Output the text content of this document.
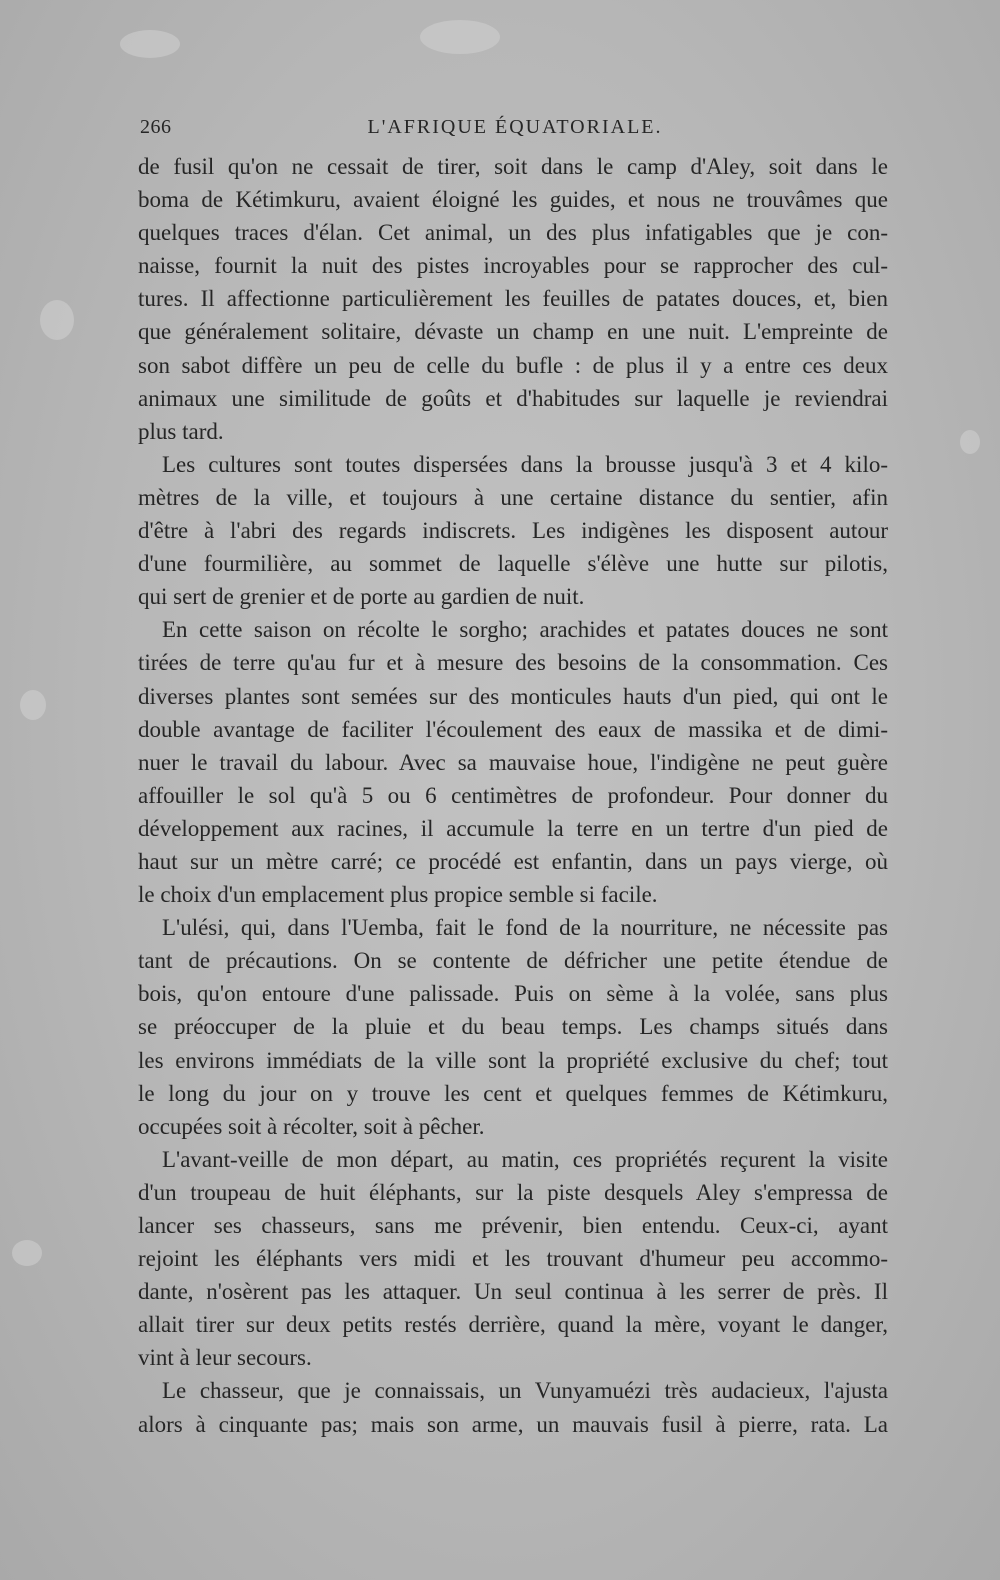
266	L'AFRIQUE ÉQUATORIALE.
de fusil qu'on ne cessait de tirer, soit dans le camp d'Aley, soit dans le
boma de Kétimkuru, avaient éloigné les guides, et nous ne trouvâmes que
quelques traces d'élan. Cet animal, un des plus infatigables que je con-
naisse, fournit la nuit des pistes incroyables pour se rapprocher des cul-
tures. Il affectionne particulièrement les feuilles de patates douces, et, bien
que généralement solitaire, dévaste un champ en une nuit. L'empreinte de
son sabot diffère un peu de celle du bufle : de plus il y a entre ces deux
animaux une similitude de goûts et d'habitudes sur laquelle je reviendrai
plus tard.
Les cultures sont toutes dispersées dans la brousse jusqu'à 3 et 4 kilo-
mètres de la ville, et toujours à une certaine distance du sentier, afin
d'être à l'abri des regards indiscrets. Les indigènes les disposent autour
d'une fourmilière, au sommet de laquelle s'élève une hutte sur pilotis,
qui sert de grenier et de porte au gardien de nuit.
En cette saison on récolte le sorgho; arachides et patates douces ne sont
tirées de terre qu'au fur et à mesure des besoins de la consommation. Ces
diverses plantes sont semées sur des monticules hauts d'un pied, qui ont le
double avantage de faciliter l'écoulement des eaux de massika et de dimi-
nuer le travail du labour. Avec sa mauvaise houe, l'indigène ne peut guère
affouiller le sol qu'à 5 ou 6 centimètres de profondeur. Pour donner du
développement aux racines, il accumule la terre en un tertre d'un pied de
haut sur un mètre carré; ce procédé est enfantin, dans un pays vierge, où
le choix d'un emplacement plus propice semble si facile.
L'ulési, qui, dans l'Uemba, fait le fond de la nourriture, ne nécessite pas
tant de précautions. On se contente de défricher une petite étendue de
bois, qu'on entoure d'une palissade. Puis on sème à la volée, sans plus
se préoccuper de la pluie et du beau temps. Les champs situés dans
les environs immédiats de la ville sont la propriété exclusive du chef; tout
le long du jour on y trouve les cent et quelques femmes de Kétimkuru,
occupées soit à récolter, soit à pêcher.
L'avant-veille de mon départ, au matin, ces propriétés reçurent la visite
d'un troupeau de huit éléphants, sur la piste desquels Aley s'empressa de
lancer ses chasseurs, sans me prévenir, bien entendu. Ceux-ci, ayant
rejoint les éléphants vers midi et les trouvant d'humeur peu accommo-
dante, n'osèrent pas les attaquer. Un seul continua à les serrer de près. Il
allait tirer sur deux petits restés derrière, quand la mère, voyant le danger,
vint à leur secours.
Le chasseur, que je connaissais, un Vunyamuézi très audacieux, l'ajusta
alors à cinquante pas; mais son arme, un mauvais fusil à pierre, rata. La
